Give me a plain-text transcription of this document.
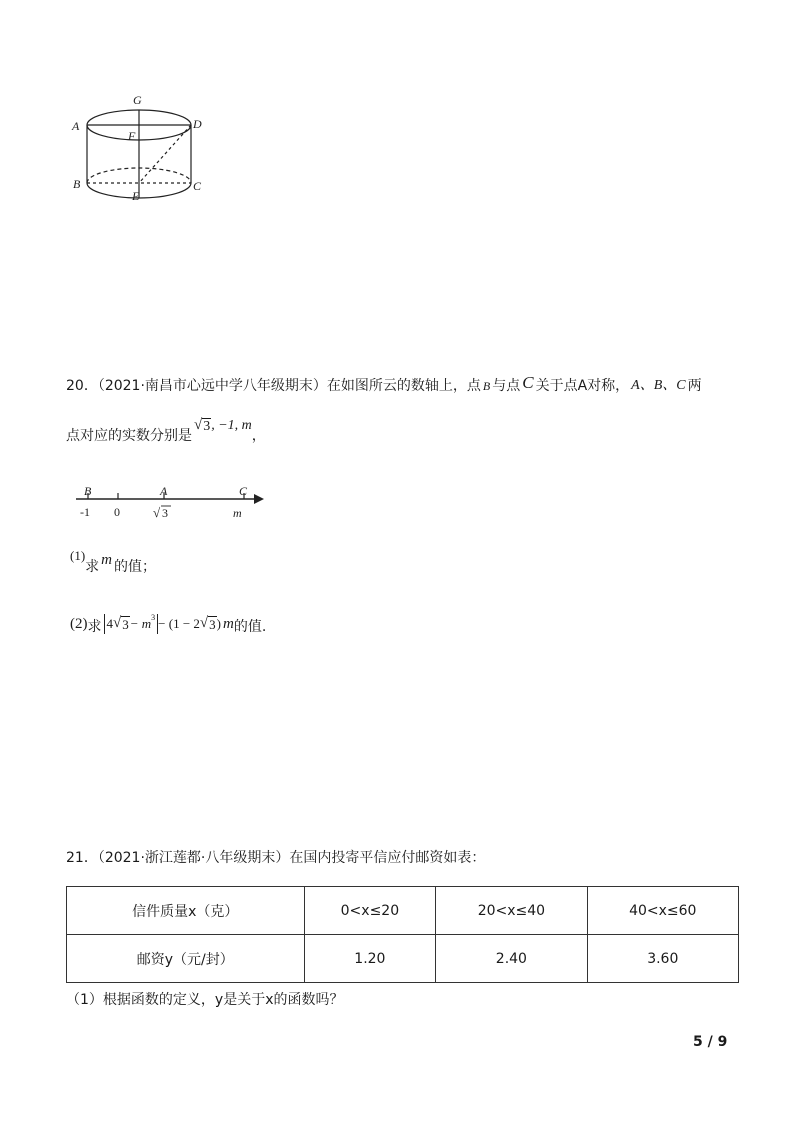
G
A	D
F
B	C
E
20．（2021·南昌市心远中学八年级期末）在如图所云的数轴上，点 B 与点 C 关于点A对称， A、B、C 两
点对应的实数分别是
√ 3 , −1, m
，
B	A	C
-1 0	√ 3	m
(1)
求 m 的值；
(2) 求 4 √ 3 − m 3 − (1 − 2 √ 3 ) m 的值.
21．（2021·浙江莲都·八年级期末）在国内投寄平信应付邮资如表：
信件质量x（克）	0<x≤20	20<x≤40	40<x≤60
邮资y（元/封）	1.20	2.40	3.60
（1）根据函数的定义，y是关于x的函数吗？
5 / 9
